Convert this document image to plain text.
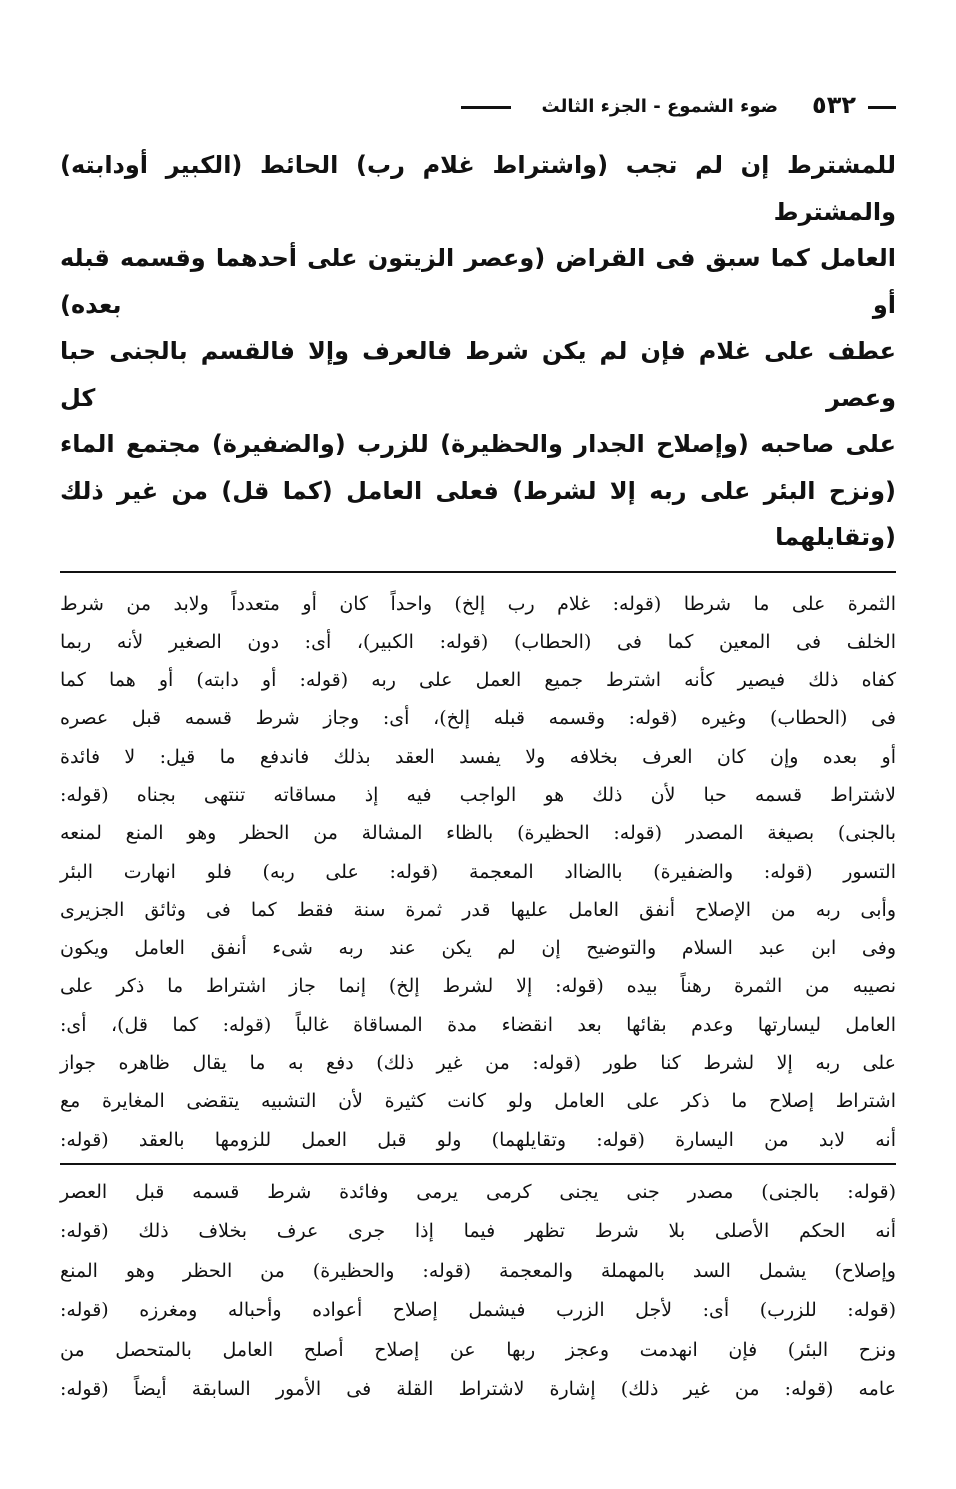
٥٣٢
ضوء الشموع - الجزء الثالث

للمشترط إن لم تجب (واشتراط غلام رب) الحائط (الكبير أودابته) والمشترط

العامل كما سبق فى القراض (وعصر الزيتون على أحدهما وقسمه قبله أو بعده)

عطف على غلام فإن لم يكن شرط فالعرف وإلا فالقسم بالجنى حبا وعصر كل

على صاحبه (وإصلاح الجدار والحظيرة) للزرب (والضفيرة) مجتمع الماء

(ونزح البئر على ربه إلا لشرط) فعلى العامل (كما قل) من غير ذلك (وتقايلهما

الثمرة على ما شرطا (قوله: غلام رب إلخ) واحداً كان أو متعدداً ولابد من شرط

الخلف فى المعين كما فى (الحطاب) (قوله: الكبير)، أى: دون الصغير لأنه ربما

كفاه ذلك فيصير كأنه اشترط جميع العمل على ربه (قوله: أو دابته) أو هما كما

فى (الحطاب) وغيره (قوله: وقسمه قبله إلخ)، أى: وجاز شرط قسمه قبل عصره

أو بعده وإن كان العرف بخلافه ولا يفسد العقد بذلك فاندفع ما قيل: لا فائدة

لاشتراط قسمه حبا لأن ذلك هو الواجب فيه إذ مساقاته تنتهى بجناه (قوله:

بالجنى) بصيغة المصدر (قوله: الحظيرة) بالظاء المشالة من الحظر وهو المنع لمنعه

التسور (قوله: والضفيرة) باالضااد المعجمة (قوله: على ربه) فلو انهارت البئر

وأبى ربه من الإصلاح أنفق العامل عليها قدر ثمرة سنة فقط كما فى وثائق الجزيرى

وفى ابن عبد السلام والتوضيح إن لم يكن عند ربه شىء أنفق العامل ويكون

نصيبه من الثمرة رهناً بيده (قوله: إلا لشرط إلخ) إنما جاز اشتراط ما ذكر على

العامل ليسارتها وعدم بقائها بعد انقضاء مدة المساقاة غالباً (قوله: كما قل)، أى:

على ربه إلا لشرط كنا طور (قوله: من غير ذلك) دفع به ما يقال ظاهره جواز

اشتراط إصلاح ما ذكر على العامل ولو كانت كثيرة لأن التشبيه يتقضى المغايرة مع

أنه لابد من اليسارة (قوله: وتقايلهما) ولو قبل العمل للزومها بالعقد (قوله:

(قوله: بالجنى) مصدر جنى يجنى كرمى يرمى وفائدة شرط قسمه قبل العصر

أنه الحكم الأصلى بلا شرط تظهر فيما إذا جرى عرف بخلاف ذلك (قوله:

وإصلاح) يشمل السد بالمهملة والمعجمة (قوله: والحظيرة) من الحظر وهو المنع

(قوله: للزرب) أى: لأجل الزرب فيشمل إصلاح أعواده وأحباله ومغرزه (قوله:

ونزح البئر) فإن انهدمت وعجز ربها عن إصلاح أصلح العامل بالمتحصل من

عامه (قوله: من غير ذلك) إشارة لاشتراط القلة فى الأمور السابقة أيضاً (قوله:
